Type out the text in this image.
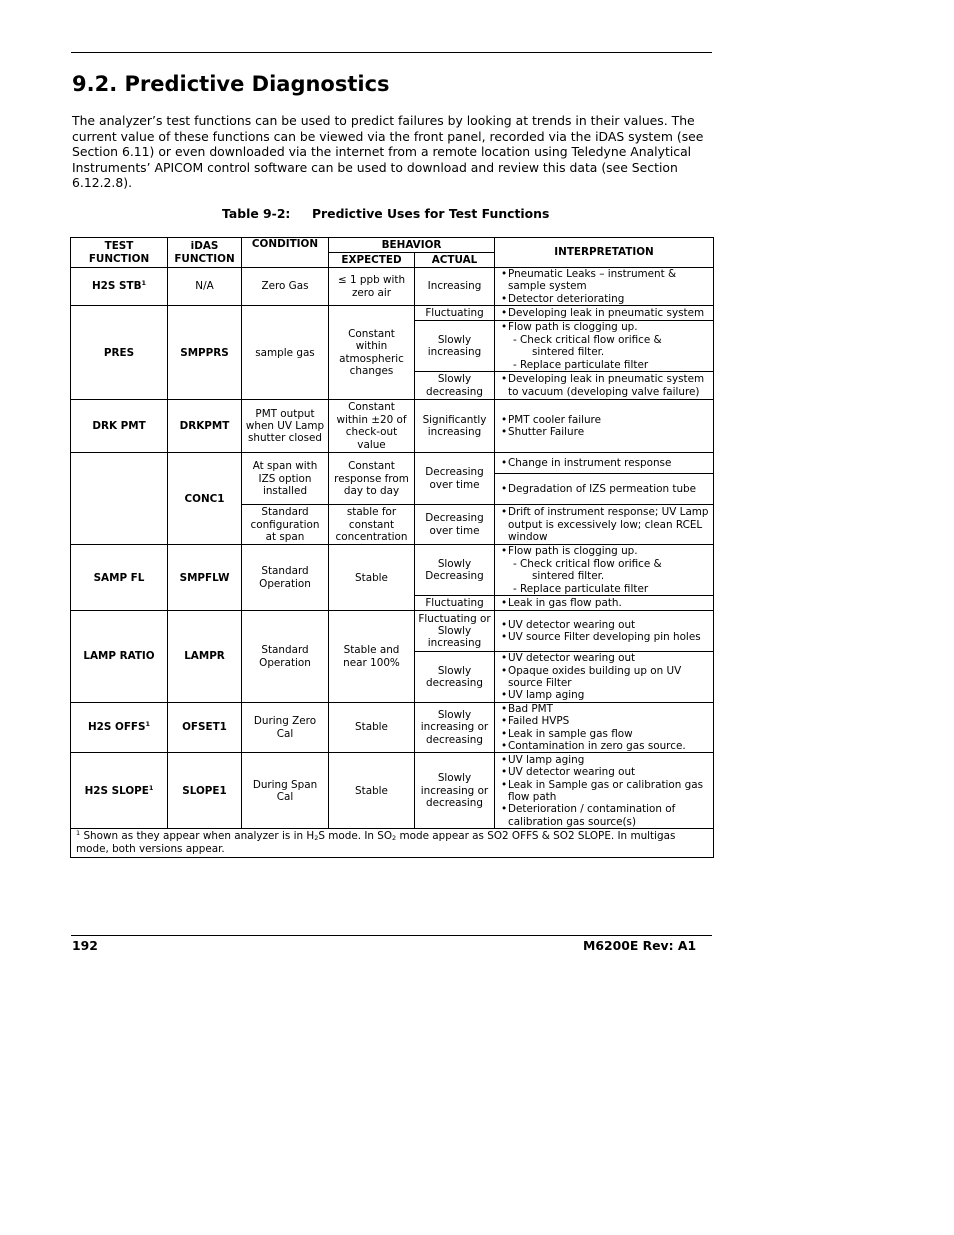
9.2. Predictive Diagnostics

The analyzer’s test functions can be used to predict failures by looking at trends in their values. The current value of these functions can be viewed via the front panel, recorded via the iDAS system (see Section 6.11) or even downloaded via the internet from a remote location using Teledyne Analytical Instruments’ APICOM control software can be used to download and review this data (see Section 6.12.2.8).

Table 9-2: Predictive Uses for Test Functions
TEST FUNCTION	iDAS FUNCTION	CONDITION	BEHAVIOR		INTERPRETATION
			EXPECTED	ACTUAL	
H2S STB$^1$	N/A	Zero Gas	≤ 1 ppb with zero air	Increasing	• Pneumatic Leaks – instrument & sample system
• Detector deteriorating

PRES	SMPPRS	sample gas	Constant within atmospheric changes	Fluctuating	• Developing leak in pneumatic system

				Slowly increasing	• Flow path is clogging up.
- Check critical flow orifice &
sintered filter.
- Replace particulate filter

				Slowly decreasing	• Developing leak in pneumatic system to vacuum (developing valve failure)

DRK PMT	DRKPMT	PMT output when UV Lamp shutter closed	Constant within ±20 of check-out value	Significantly increasing	• PMT cooler failure
• Shutter Failure

	CONC1	At span with IZS option installed	Constant response from day to day	Decreasing over time	• Change in instrument response

					• Degradation of IZS permeation tube

		Standard configuration at span	stable for constant concentration	Decreasing over time	• Drift of instrument response; UV Lamp output is excessively low; clean RCEL window

SAMP FL	SMPFLW	Standard Operation	Stable	Slowly Decreasing	• Flow path is clogging up.
- Check critical flow orifice &
sintered filter.
- Replace particulate filter

				Fluctuating	• Leak in gas flow path.

LAMP RATIO	LAMPR	Standard Operation	Stable and near 100%	Fluctuating or Slowly increasing	• UV detector wearing out
• UV source Filter developing pin holes

				Slowly decreasing	• UV detector wearing out
• Opaque oxides building up on UV source Filter
• UV lamp aging

H2S OFFS$^1$	OFSET1	During Zero Cal	Stable	Slowly increasing or decreasing	• Bad PMT
• Failed HVPS
• Leak in sample gas flow
• Contamination in zero gas source.

H2S SLOPE$^1$	SLOPE1	During Span Cal	Stable	Slowly increasing or decreasing	• UV lamp aging
• UV detector wearing out
• Leak in Sample gas or calibration gas flow path
• Deterioration / contamination of calibration gas source(s)

$^1$ Shown as they appear when analyzer is in $H_2S$ mode. In $SO_2$ mode appear as SO2 OFFS & SO2 SLOPE. In multigas mode, both versions appear.					
192	M6200E Rev: A1
